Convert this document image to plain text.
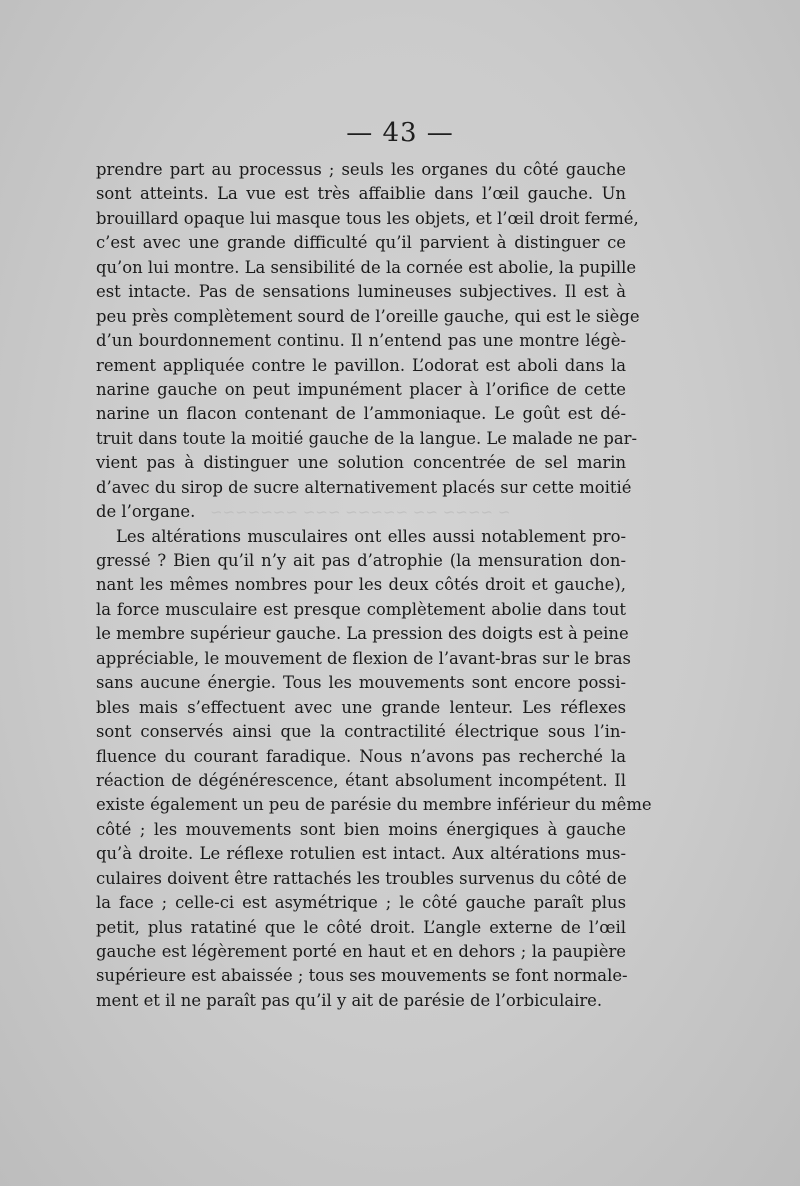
~ ~~~~ ~~ ~~~~~ ~~~ ~~~~~~~
— 43 —
prendre part au processus ; seuls les organes du côté gauche
sont atteints. La vue est très affaiblie dans l’œil gauche. Un
brouillard opaque lui masque tous les objets, et l’œil droit fermé,
c’est avec une grande difficulté qu’il parvient à distinguer ce
qu’on lui montre. La sensibilité de la cornée est abolie, la pupille
est intacte. Pas de sensations lumineuses subjectives. Il est à
peu près complètement sourd de l’oreille gauche, qui est le siège
d’un bourdonnement continu. Il n’entend pas une montre légè-
rement appliquée contre le pavillon. L’odorat est aboli dans la
narine gauche on peut impunément placer à l’orifice de cette
narine un flacon contenant de l’ammoniaque. Le goût est dé-
truit dans toute la moitié gauche de la langue. Le malade ne par-
vient pas à distinguer une solution concentrée de sel marin
d’avec du sirop de sucre alternativement placés sur cette moitié
de l’organe.
Les altérations musculaires ont elles aussi notablement pro-
gressé ? Bien qu’il n’y ait pas d’atrophie (la mensuration don-
nant les mêmes nombres pour les deux côtés droit et gauche),
la force musculaire est presque complètement abolie dans tout
le membre supérieur gauche. La pression des doigts est à peine
appréciable, le mouvement de flexion de l’avant-bras sur le bras
sans aucune énergie. Tous les mouvements sont encore possi-
bles mais s’effectuent avec une grande lenteur. Les réflexes
sont conservés ainsi que la contractilité électrique sous l’in-
fluence du courant faradique. Nous n’avons pas recherché la
réaction de dégénérescence, étant absolument incompétent. Il
existe également un peu de parésie du membre inférieur du même
côté ; les mouvements sont bien moins énergiques à gauche
qu’à droite. Le réflexe rotulien est intact. Aux altérations mus-
culaires doivent être rattachés les troubles survenus du côté de
la face ; celle-ci est asymétrique ; le côté gauche paraît plus
petit, plus ratatiné que le côté droit. L’angle externe de l’œil
gauche est légèrement porté en haut et en dehors ; la paupière
supérieure est abaissée ; tous ses mouvements se font normale-
ment et il ne paraît pas qu’il y ait de parésie de l’orbiculaire.
